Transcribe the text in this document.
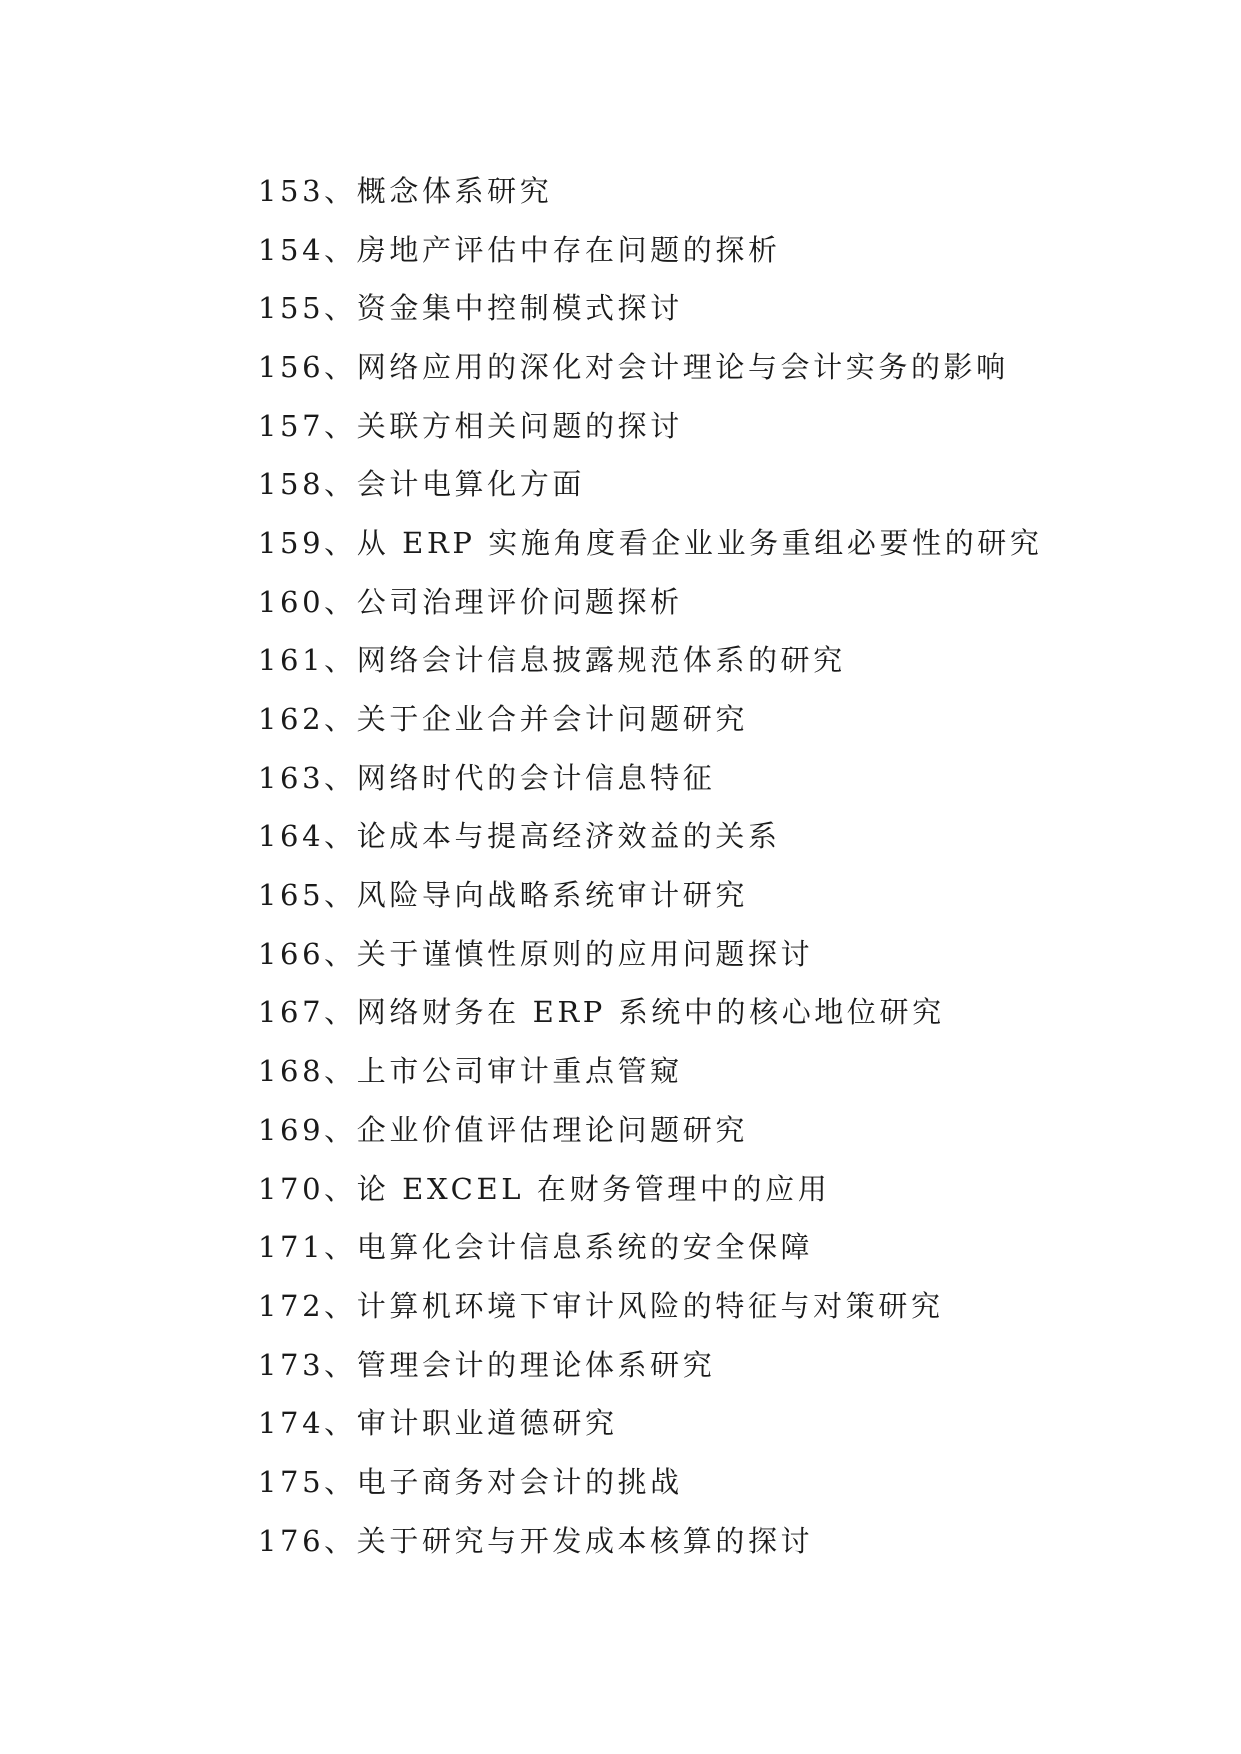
153、概念体系研究
154、房地产评估中存在问题的探析
155、资金集中控制模式探讨
156、网络应用的深化对会计理论与会计实务的影响
157、关联方相关问题的探讨
158、会计电算化方面
159、从 ERP 实施角度看企业业务重组必要性的研究
160、公司治理评价问题探析
161、网络会计信息披露规范体系的研究
162、关于企业合并会计问题研究
163、网络时代的会计信息特征
164、论成本与提高经济效益的关系
165、风险导向战略系统审计研究
166、关于谨慎性原则的应用问题探讨
167、网络财务在 ERP 系统中的核心地位研究
168、上市公司审计重点管窥
169、企业价值评估理论问题研究
170、论 EXCEL 在财务管理中的应用
171、电算化会计信息系统的安全保障
172、计算机环境下审计风险的特征与对策研究
173、管理会计的理论体系研究
174、审计职业道德研究
175、电子商务对会计的挑战
176、关于研究与开发成本核算的探讨
